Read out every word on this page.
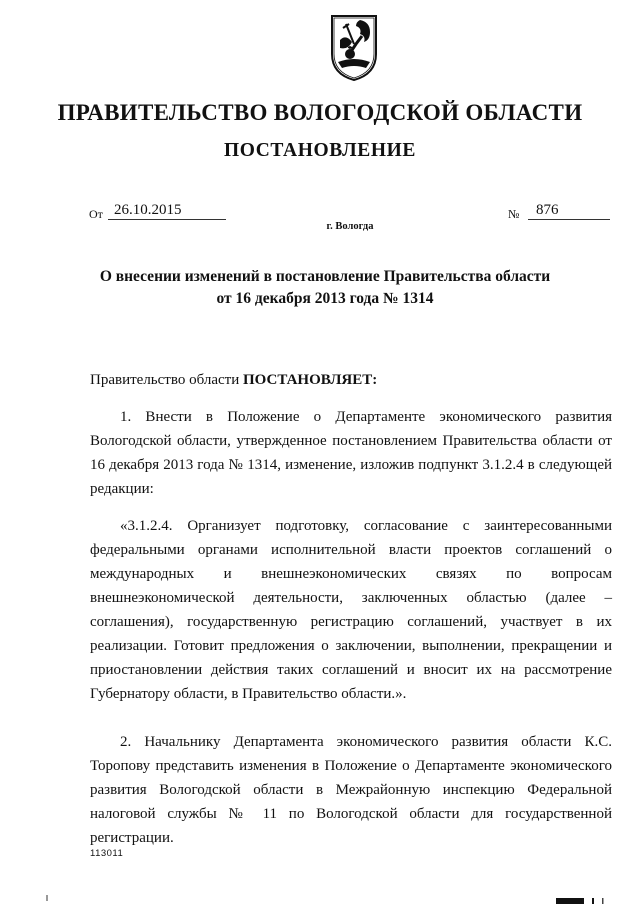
ПРАВИТЕЛЬСТВО ВОЛОГОДСКОЙ ОБЛАСТИ
ПОСТАНОВЛЕНИЕ
От 26.10.2015	№	876
г. Вологда
О внесении изменений в постановление Правительства области
от 16 декабря 2013 года № 1314
Правительство области ПОСТАНОВЛЯЕТ:
1. Внести в Положение о Департаменте экономического развития Вологодской области, утвержденное постановлением Правительства области от 16 декабря 2013 года № 1314, изменение, изложив подпункт 3.1.2.4 в следующей редакции:
«3.1.2.4. Организует подготовку, согласование с заинтересованными федеральными органами исполнительной власти проектов соглашений о международных и внешнеэкономических связях по вопросам внешнеэкономической деятельности, заключенных областью (далее – соглашения), государственную регистрацию соглашений, участвует в их реализации. Готовит предложения о заключении, выполнении, прекращении и приостановлении действия таких соглашений и вносит их на рассмотрение Губернатору области, в Правительство области.».
2. Начальнику Департамента экономического развития области К.С. Торопову представить изменения в Положение о Департаменте экономического развития Вологодской области в Межрайонную инспекцию Федеральной налоговой службы № 11 по Вологодской области для государственной регистрации.
113011
